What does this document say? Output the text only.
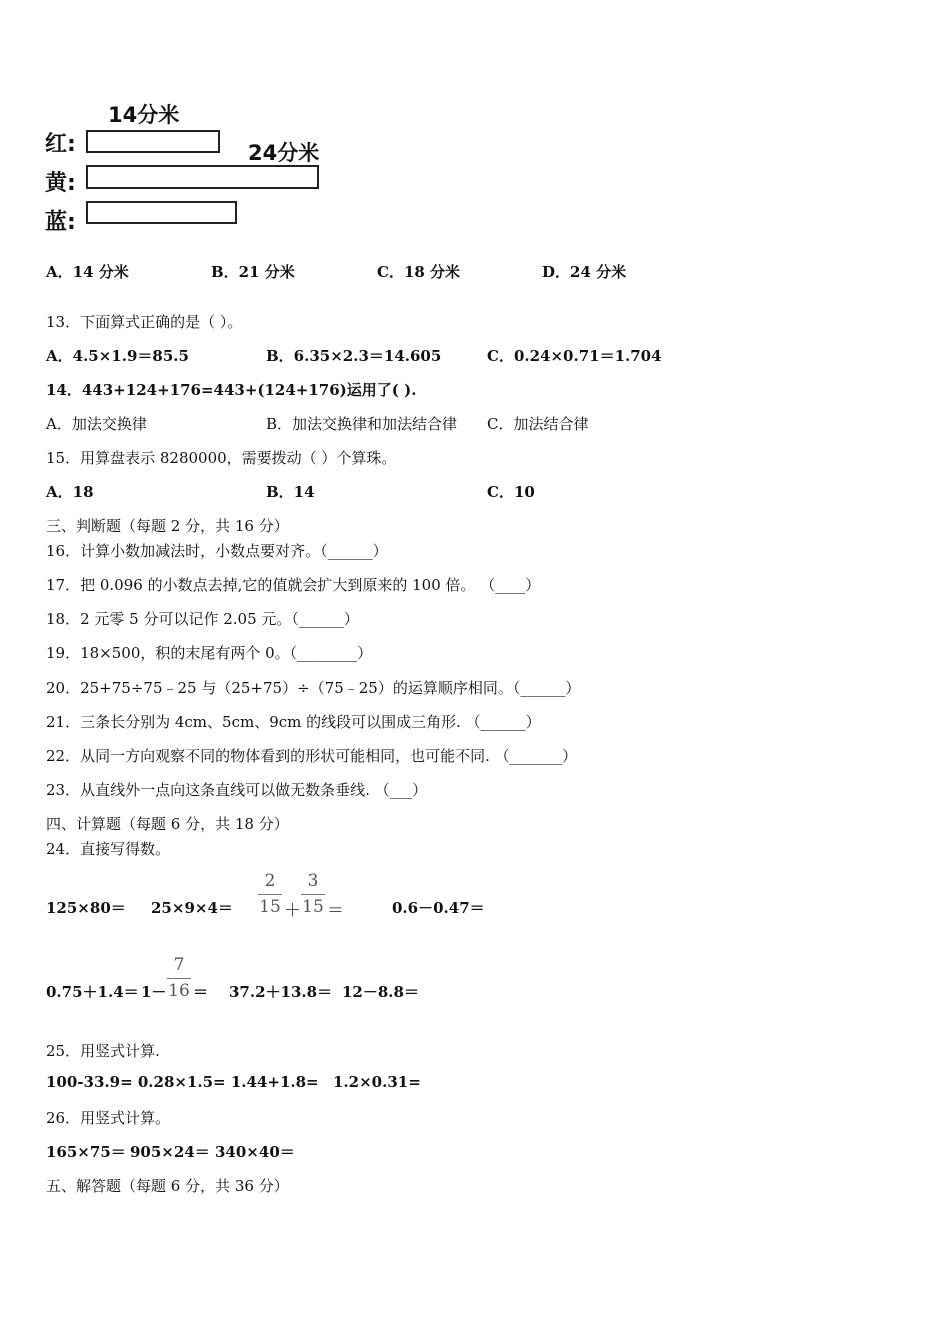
14分米
24分米
红:
黄:
蓝:
A．14 分米	B．21 分米	C．18 分米	D．24 分米
13．下面算式正确的是（ ）。
A．4.5×1.9＝85.5	B．6.35×2.3＝14.605	C．0.24×0.71＝1.704
14．443+124+176=443+(124+176)运用了( ).
A．加法交换律	B．加法交换律和加法结合律 C．加法结合律
15．用算盘表示 8280000，需要拨动（ ）个算珠。
A．18	B．14	C．10
三、判断题（每题 2 分，共 16 分）
16．计算小数加减法时，小数点要对齐。（______）
17．把 0.096 的小数点去掉,它的值就会扩大到原来的 100 倍。 （____）
18．2 元零 5 分可以记作 2.05 元。（______）
19．18×500，积的末尾有两个 0。（________）
20．25+75÷75﹣25 与（25+75）÷（75﹣25）的运算顺序相同。（______）
21．三条长分别为 4cm、5cm、9cm 的线段可以围成三角形. （______）
22．从同一方向观察不同的物体看到的形状可能相同，也可能不同. （_______）
23．从直线外一点向这条直线可以做无数条垂线. （___）
四、计算题（每题 6 分，共 18 分）
24．直接写得数。
125×80＝ 25×9×4＝
2
15 ＋
3
15 ＝	0.6－0.47＝
0.75＋1.4＝ 1－
7
16 ＝ 37.2＋13.8＝ 12－8.8＝
25．用竖式计算.
100-33.9= 0.28×1.5= 1.44+1.8= 1.2×0.31=
26．用竖式计算。
165×75＝ 905×24＝ 340×40＝
五、解答题（每题 6 分，共 36 分）
